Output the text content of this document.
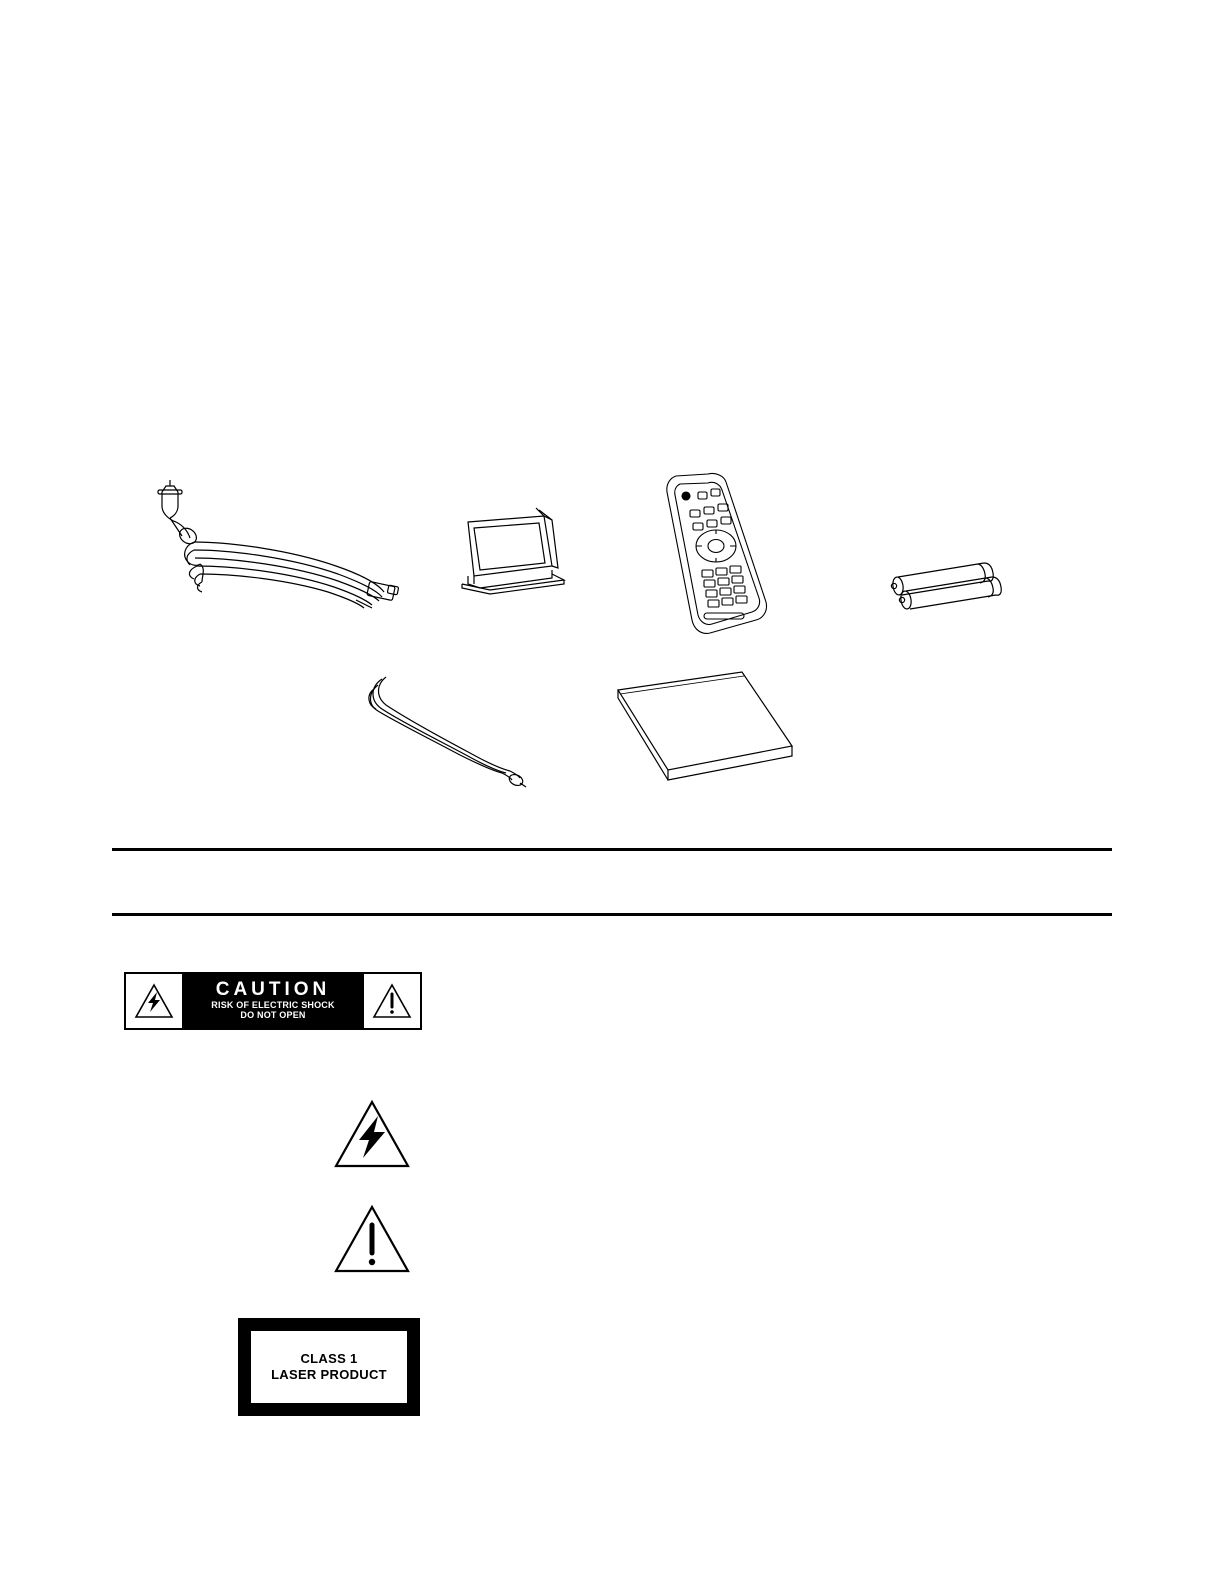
CAUTION
RISK OF ELECTRIC SHOCK
DO NOT OPEN
CLASS 1
LASER PRODUCT
